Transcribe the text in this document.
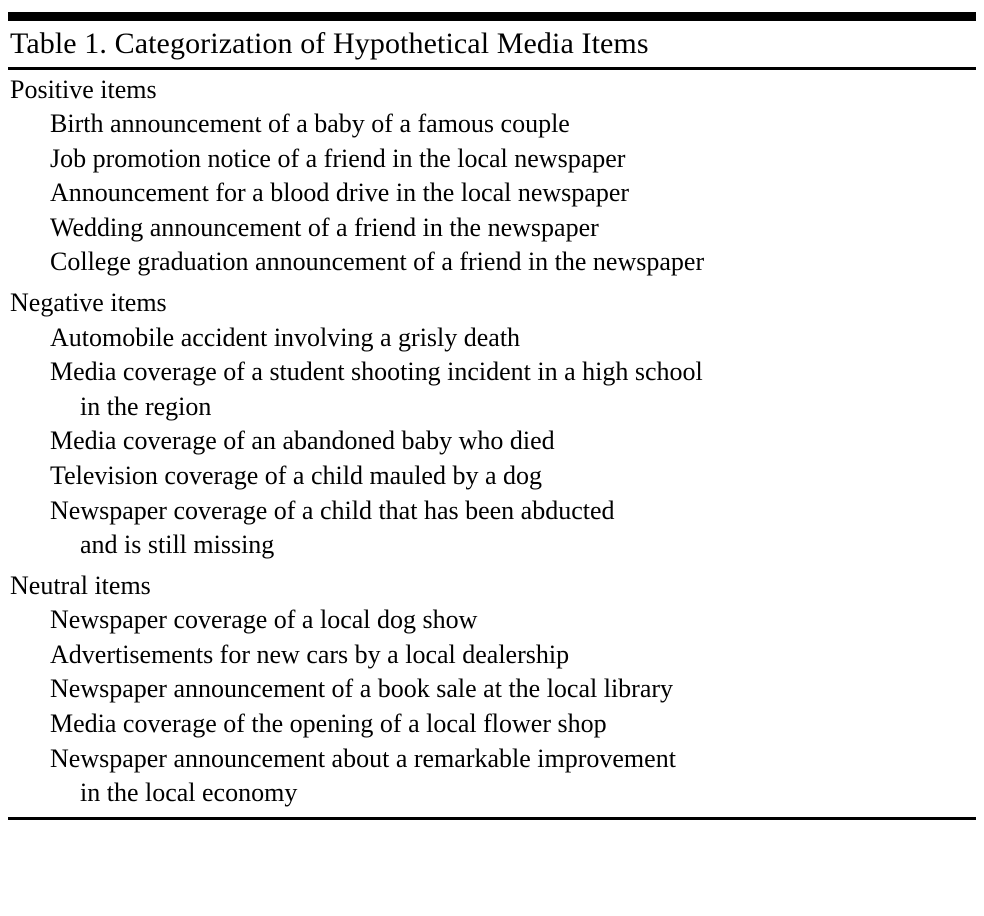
Table 1. Categorization of Hypothetical Media Items
Positive items
Birth announcement of a baby of a famous couple
Job promotion notice of a friend in the local newspaper
Announcement for a blood drive in the local newspaper
Wedding announcement of a friend in the newspaper
College graduation announcement of a friend in the newspaper
Negative items
Automobile accident involving a grisly death
Media coverage of a student shooting incident in a high school
in the region
Media coverage of an abandoned baby who died
Television coverage of a child mauled by a dog
Newspaper coverage of a child that has been abducted
and is still missing
Neutral items
Newspaper coverage of a local dog show
Advertisements for new cars by a local dealership
Newspaper announcement of a book sale at the local library
Media coverage of the opening of a local flower shop
Newspaper announcement about a remarkable improvement
in the local economy
